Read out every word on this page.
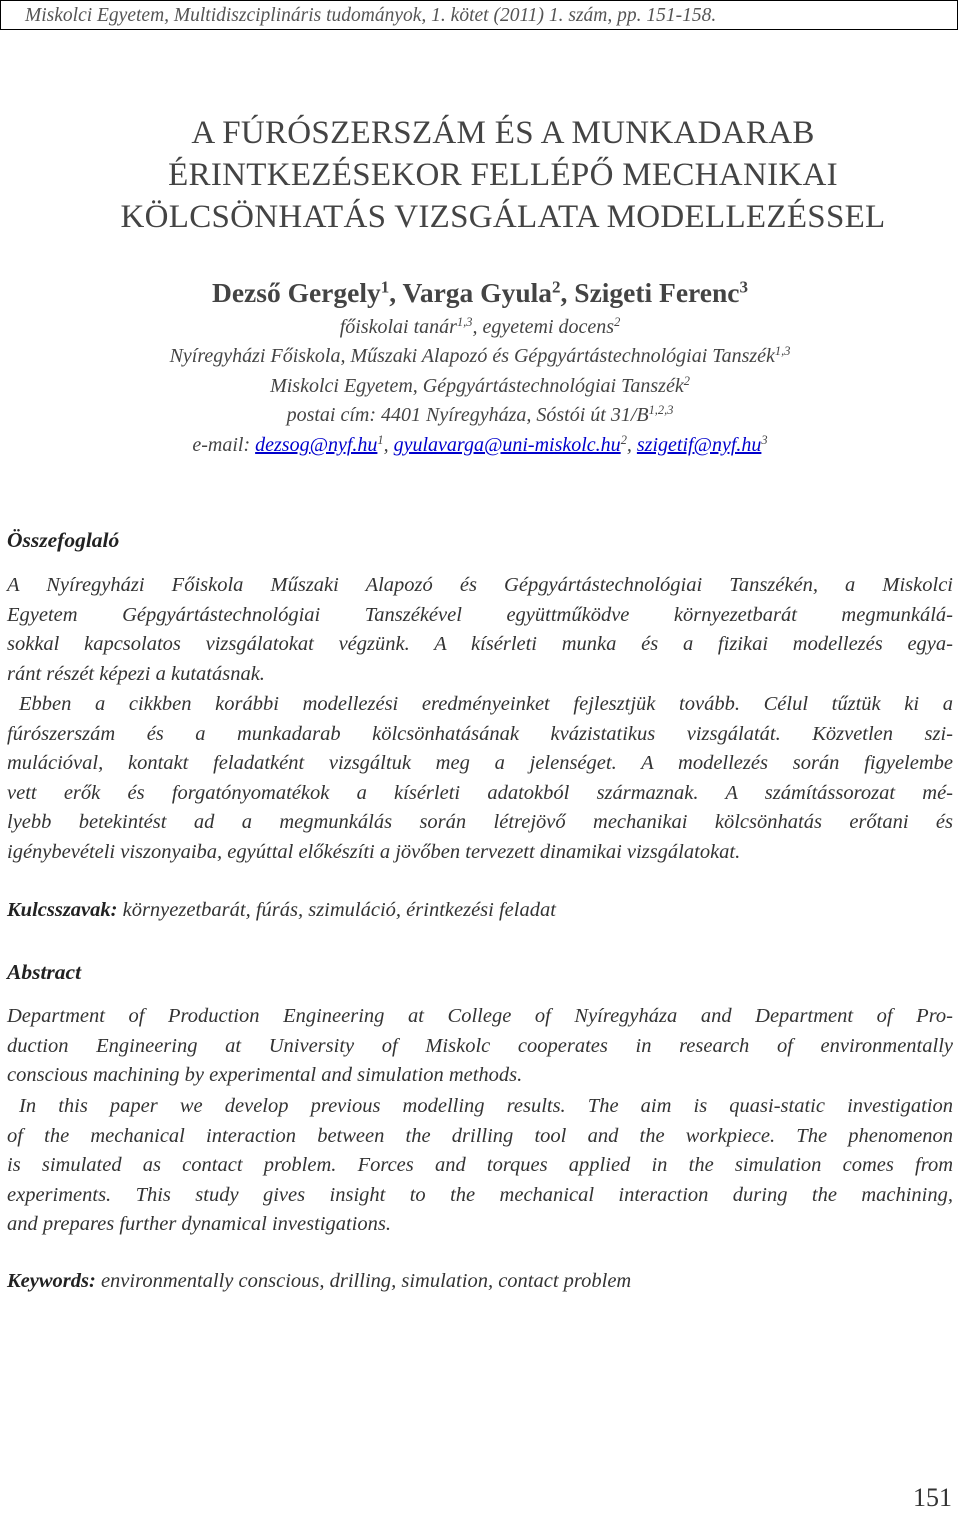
Miskolci Egyetem, Multidiszciplináris tudományok, 1. kötet (2011) 1. szám, pp. 151-158.
A FÚRÓSZERSZÁM ÉS A MUNKADARAB
ÉRINTKEZÉSEKOR FELLÉPŐ MECHANIKAI
KÖLCSÖNHATÁS VIZSGÁLATA MODELLEZÉSSEL
Dezső Gergely$^1$, Varga Gyula$^2$, Szigeti Ferenc$^3$
főiskolai tanár$^{1,3}$, egyetemi docens$^2$
Nyíregyházi Főiskola, Műszaki Alapozó és Gépgyártástechnológiai Tanszék$^{1,3}$
Miskolci Egyetem, Gépgyártástechnológiai Tanszék$^2$
postai cím: 4401 Nyíregyháza, Sóstói út $31/B^{1,2,3}$
e-mail: $dezsog@nyf.hu^1$, $gyulavarga@uni-miskolc.hu^2$, $szigetif@nyf.hu^3$
Összefoglaló
A Nyíregyházi Főiskola Műszaki Alapozó és Gépgyártástechnológiai Tanszékén, a Miskolci
Egyetem Gépgyártástechnológiai Tanszékével együttműködve környezetbarát megmunkálá-
sokkal kapcsolatos vizsgálatokat végzünk. A kísérleti munka és a fizikai modellezés egya-
ránt részét képezi a kutatásnak.
Ebben a cikkben korábbi modellezési eredményeinket fejlesztjük tovább. Célul tűztük ki a
fúrószerszám és a munkadarab kölcsönhatásának kvázistatikus vizsgálatát. Közvetlen szi-
mulációval, kontakt feladatként vizsgáltuk meg a jelenséget. A modellezés során figyelembe
vett erők és forgatónyomatékok a kísérleti adatokból származnak. A számítássorozat mé-
lyebb betekintést ad a megmunkálás során létrejövő mechanikai kölcsönhatás erőtani és
igénybevételi viszonyaiba, egyúttal előkészíti a jövőben tervezett dinamikai vizsgálatokat.
Kulcsszavak: környezetbarát, fúrás, szimuláció, érintkezési feladat
Abstract
Department of Production Engineering at College of Nyíregyháza and Department of Pro-
duction Engineering at University of Miskolc cooperates in research of environmentally
conscious machining by experimental and simulation methods.
In this paper we develop previous modelling results. The aim is quasi-static investigation
of the mechanical interaction between the drilling tool and the workpiece. The phenomenon
is simulated as contact problem. Forces and torques applied in the simulation comes from
experiments. This study gives insight to the mechanical interaction during the machining,
and prepares further dynamical investigations.
Keywords: environmentally conscious, drilling, simulation, contact problem
151
